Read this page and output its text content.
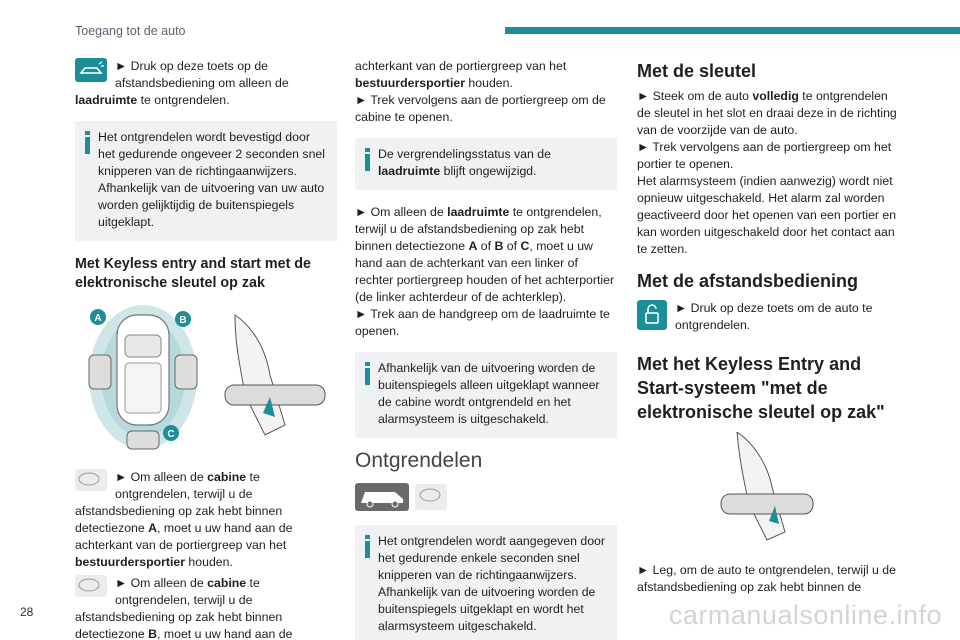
Toegang tot de auto

► Druk op deze toets op de afstandsbediening om alleen de laadruimte te ontgrendelen.

Het ontgrendelen wordt bevestigd door het gedurende ongeveer 2 seconden snel knipperen van de richtingaanwijzers. Afhankelijk van de uitvoering van uw auto worden gelijktijdig de buitenspiegels uitgeklapt.

Met Keyless entry and start met de elektronische sleutel op zak
A	B
C

► Om alleen de cabine te ontgrendelen, terwijl u de afstandsbediening op zak hebt binnen detectiezone A, moet u uw hand aan de achterkant van de portiergreep van het bestuurdersportier houden.

► Om alleen de cabine te ontgrendelen, terwijl u de afstandsbediening op zak hebt binnen detectiezone B, moet u uw hand aan de

achterkant van de portiergreep van het bestuurdersportier houden.

► Trek vervolgens aan de portiergreep om de cabine te openen.

De vergrendelingsstatus van de laadruimte blijft ongewijzigd.

► Om alleen de laadruimte te ontgrendelen, terwijl u de afstandsbediening op zak hebt binnen detectiezone A of B of C, moet u uw hand aan de achterkant van een linker of rechter portiergreep houden of het achterportier (de linker achterdeur of de achterklep).

► Trek aan de handgreep om de laadruimte te openen.

Afhankelijk van de uitvoering worden de buitenspiegels alleen uitgeklapt wanneer de cabine wordt ontgrendeld en het alarmsysteem is uitgeschakeld.

Ontgrendelen

Het ontgrendelen wordt aangegeven door het gedurende enkele seconden snel knipperen van de richtingaanwijzers. Afhankelijk van de uitvoering worden de buitenspiegels uitgeklapt en wordt het alarmsysteem uitgeschakeld.

Met de sleutel

► Steek om de auto volledig te ontgrendelen de sleutel in het slot en draai deze in de richting van de voorzijde van de auto.

► Trek vervolgens aan de portiergreep om het portier te openen.

Het alarmsysteem (indien aanwezig) wordt niet opnieuw uitgeschakeld. Het alarm zal worden geactiveerd door het openen van een portier en kan worden uitgeschakeld door het contact aan te zetten.

Met de afstandsbediening

► Druk op deze toets om de auto te ontgrendelen.

Met het Keyless Entry and Start-systeem "met de elektronische sleutel op zak"

► Leg, om de auto te ontgrendelen, terwijl u de afstandsbediening op zak hebt binnen de

28	carmanualsonline.info
